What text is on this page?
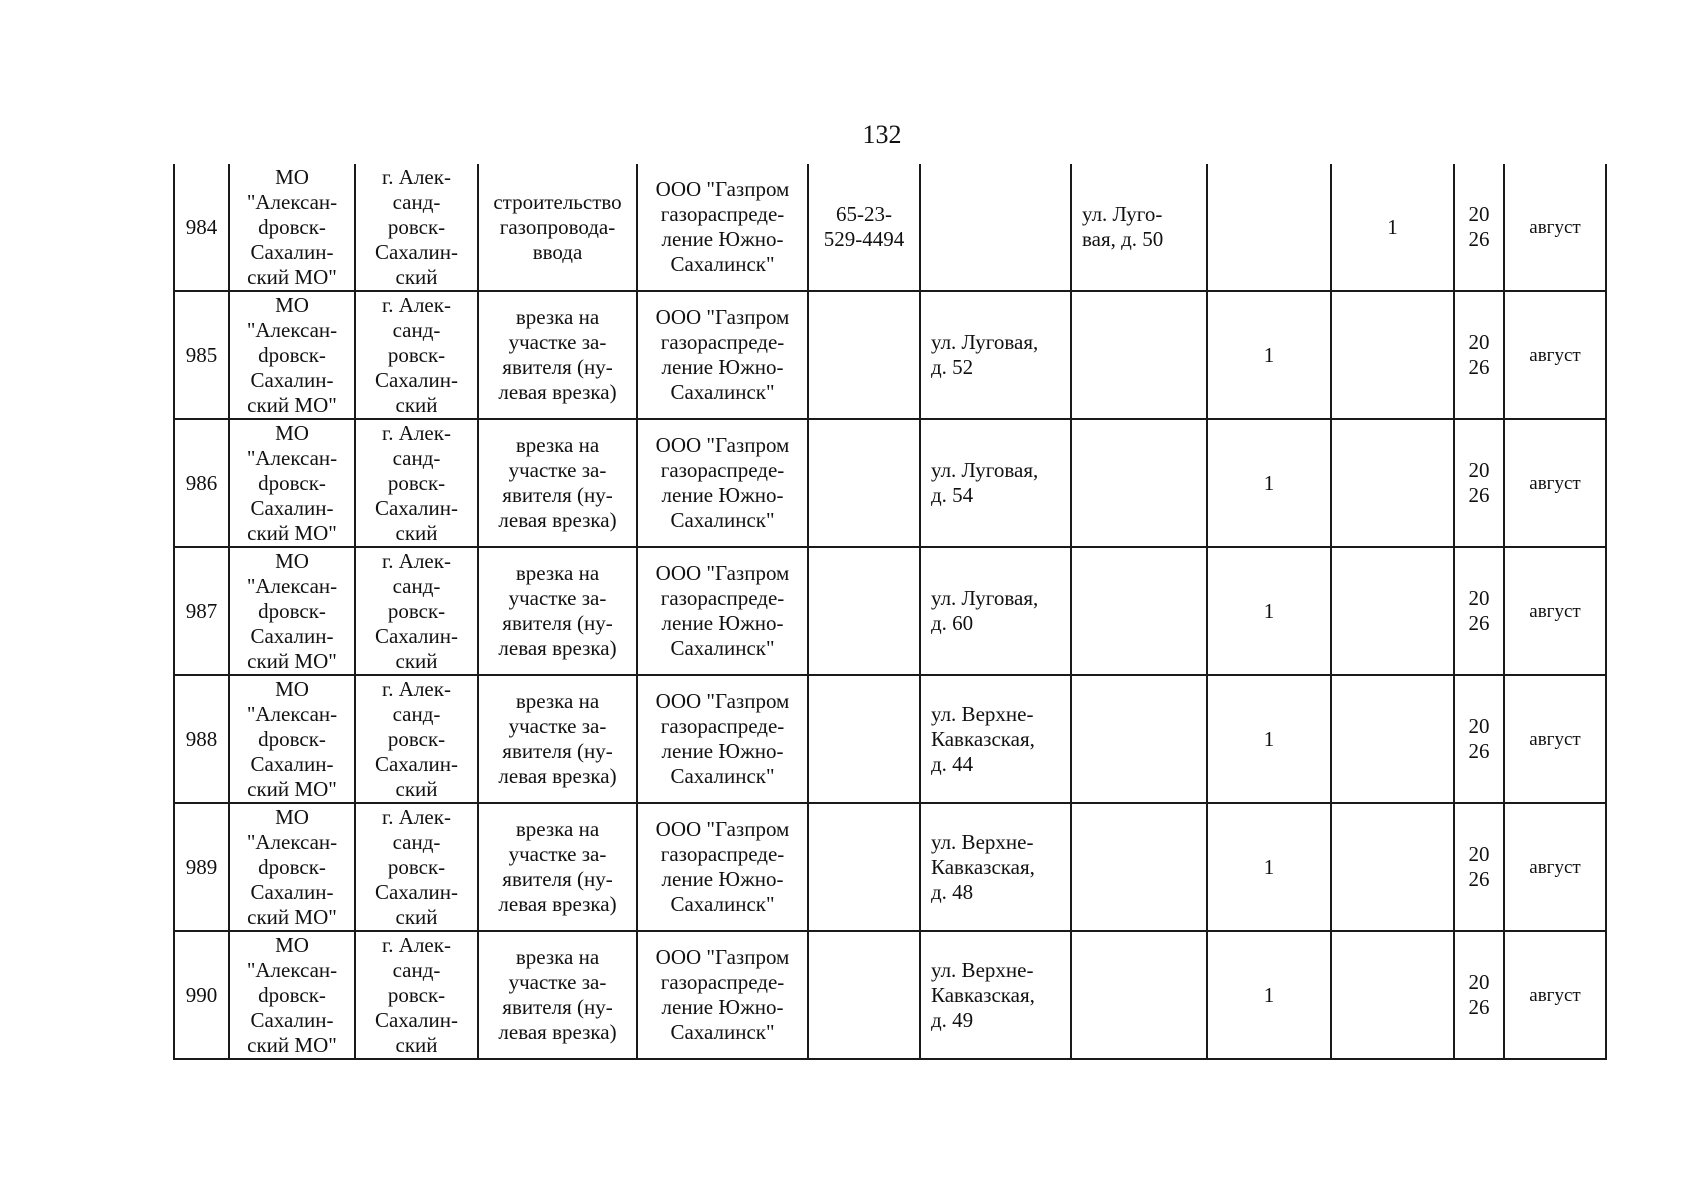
132
984	МО
"Алексан-
dровск-
Сахалин-
ский МО"	г. Алек-
санд-
ровск-
Сахалин-
ский	строительство
газопровода-
ввода	ООО "Газпром
газораспреде-
ление Южно-
Сахалинск"	65-23-
529-4494		ул. Луго-
вая, д. 50		1	20
26	август
985	МО
"Алексан-
dровск-
Сахалин-
ский МО"	г. Алек-
санд-
ровск-
Сахалин-
ский	врезка на
участке за-
явителя (ну-
левая врезка)	ООО "Газпром
газораспреде-
ление Южно-
Сахалинск"		ул. Луговая,
д. 52		1		20
26	август
986	МО
"Алексан-
dровск-
Сахалин-
ский МО"	г. Алек-
санд-
ровск-
Сахалин-
ский	врезка на
участке за-
явителя (ну-
левая врезка)	ООО "Газпром
газораспреде-
ление Южно-
Сахалинск"		ул. Луговая,
д. 54		1		20
26	август
987	МО
"Алексан-
dровск-
Сахалин-
ский МО"	г. Алек-
санд-
ровск-
Сахалин-
ский	врезка на
участке за-
явителя (ну-
левая врезка)	ООО "Газпром
газораспреде-
ление Южно-
Сахалинск"		ул. Луговая,
д. 60		1		20
26	август
988	МО
"Алексан-
dровск-
Сахалин-
ский МО"	г. Алек-
санд-
ровск-
Сахалин-
ский	врезка на
участке за-
явителя (ну-
левая врезка)	ООО "Газпром
газораспреде-
ление Южно-
Сахалинск"		ул. Верхне-
Кавказская,
д. 44		1		20
26	август
989	МО
"Алексан-
dровск-
Сахалин-
ский МО"	г. Алек-
санд-
ровск-
Сахалин-
ский	врезка на
участке за-
явителя (ну-
левая врезка)	ООО "Газпром
газораспреде-
ление Южно-
Сахалинск"		ул. Верхне-
Кавказская,
д. 48		1		20
26	август
990	МО
"Алексан-
dровск-
Сахалин-
ский МО"	г. Алек-
санд-
ровск-
Сахалин-
ский	врезка на
участке за-
явителя (ну-
левая врезка)	ООО "Газпром
газораспреде-
ление Южно-
Сахалинск"		ул. Верхне-
Кавказская,
д. 49		1		20
26	август
